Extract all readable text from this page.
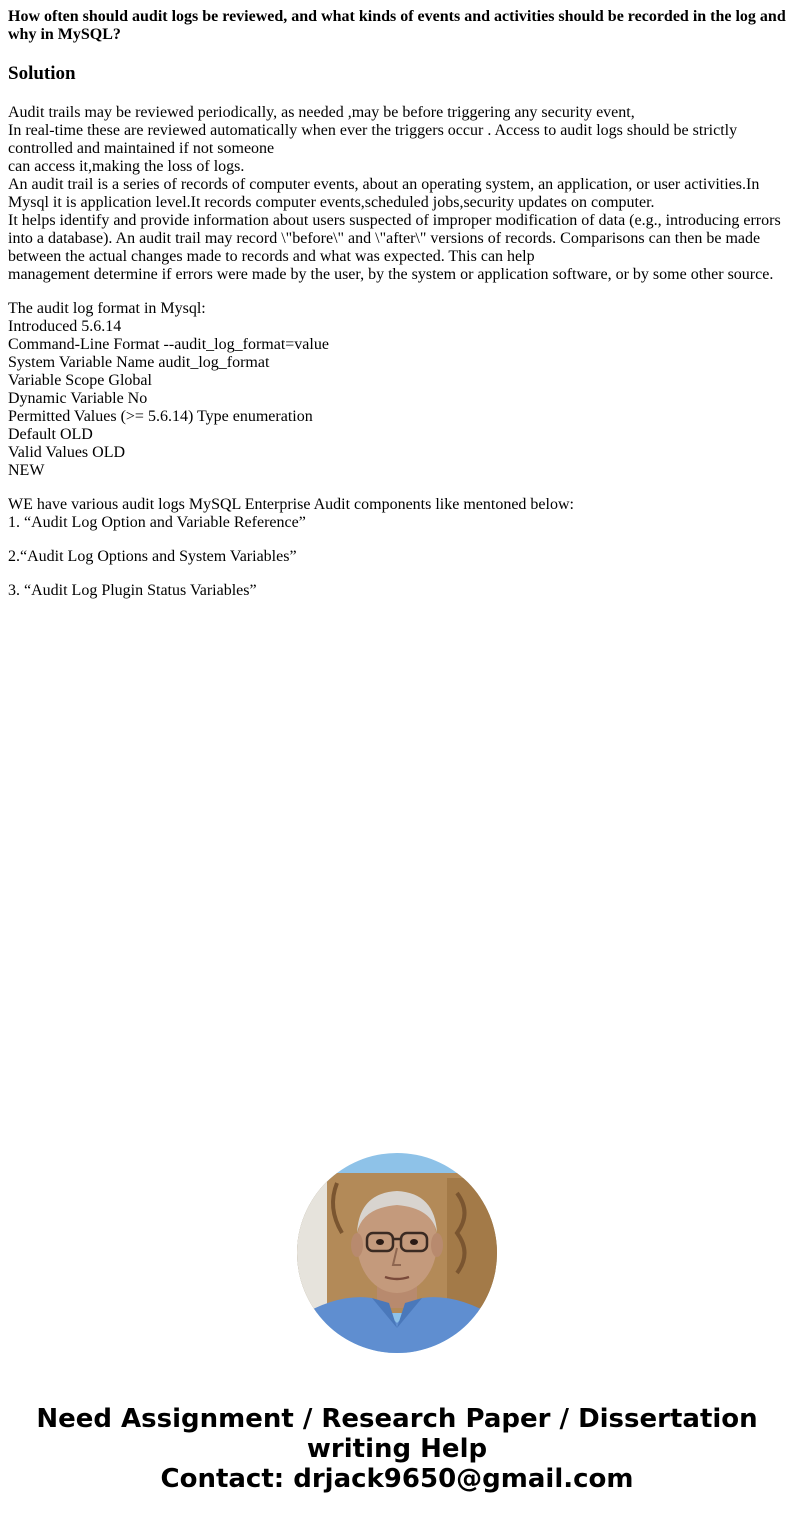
How often should audit logs be reviewed, and what kinds of events and activities should be recorded in the log and why in MySQL?

Solution

Audit trails may be reviewed periodically, as needed ,may be before triggering any security event,
In real-time these are reviewed automatically when ever the triggers occur . Access to audit logs should be strictly controlled and maintained if not someone
can access it,making the loss of logs.
An audit trail is a series of records of computer events, about an operating system, an application, or user activities.In Mysql it is application level.It records computer events,scheduled jobs,security updates on computer.
It helps identify and provide information about users suspected of improper modification of data (e.g., introducing errors into a database). An audit trail may record \"before\" and \"after\" versions of records. Comparisons can then be made between the actual changes made to records and what was expected. This can help
management determine if errors were made by the user, by the system or application software, or by some other source.

The audit log format in Mysql:
Introduced 5.6.14
Command-Line Format --audit_log_format=value
System Variable Name audit_log_format
Variable Scope Global
Dynamic Variable No
Permitted Values (>= 5.6.14) Type enumeration
Default OLD
Valid Values OLD
NEW

WE have various audit logs MySQL Enterprise Audit components like mentoned below:
1. “Audit Log Option and Variable Reference”

2.“Audit Log Options and System Variables”

3. “Audit Log Plugin Status Variables”

Need Assignment / Research Paper / Dissertation
writing Help
Contact: drjack9650@gmail.com
